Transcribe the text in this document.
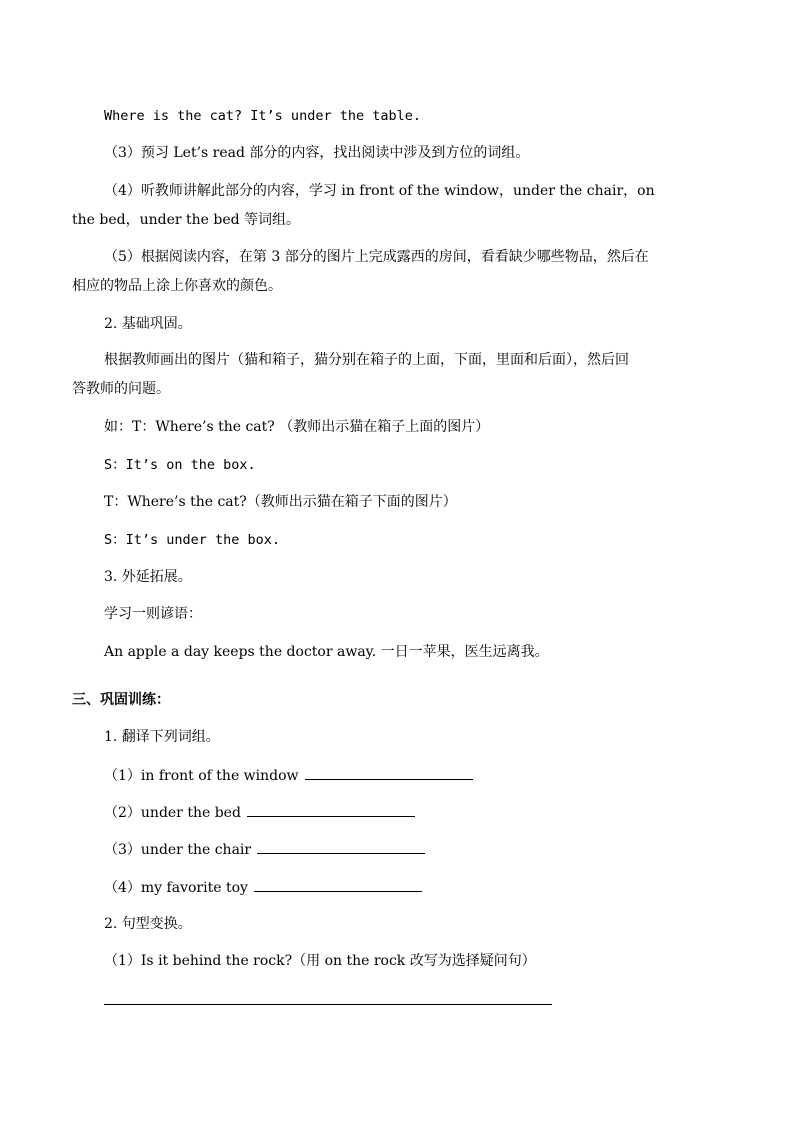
Where is the cat? It’s under the table.
（3）预习 Let’s read 部分的内容，找出阅读中涉及到方位的词组。
（4）听教师讲解此部分的内容，学习 in front of the window，under the chair，on
the bed，under the bed 等词组。
（5）根据阅读内容，在第 3 部分的图片上完成露西的房间，看看缺少哪些物品，然后在
相应的物品上涂上你喜欢的颜色。
2. 基础巩固。
根据教师画出的图片（猫和箱子，猫分别在箱子的上面，下面，里面和后面），然后回
答教师的问题。
如：T：Where’s the cat? （教师出示猫在箱子上面的图片）
S：It’s on the box.
T：Where’s the cat?（教师出示猫在箱子下面的图片）
S：It’s under the box.
3. 外延拓展。
学习一则谚语：
An apple a day keeps the doctor away. 一日一苹果，医生远离我。
三、巩固训练：
1. 翻译下列词组。
（1）in front of the window
（2）under the bed
（3）under the chair
（4）my favorite toy
2. 句型变换。
（1）Is it behind the rock?（用 on the rock 改写为选择疑问句）
